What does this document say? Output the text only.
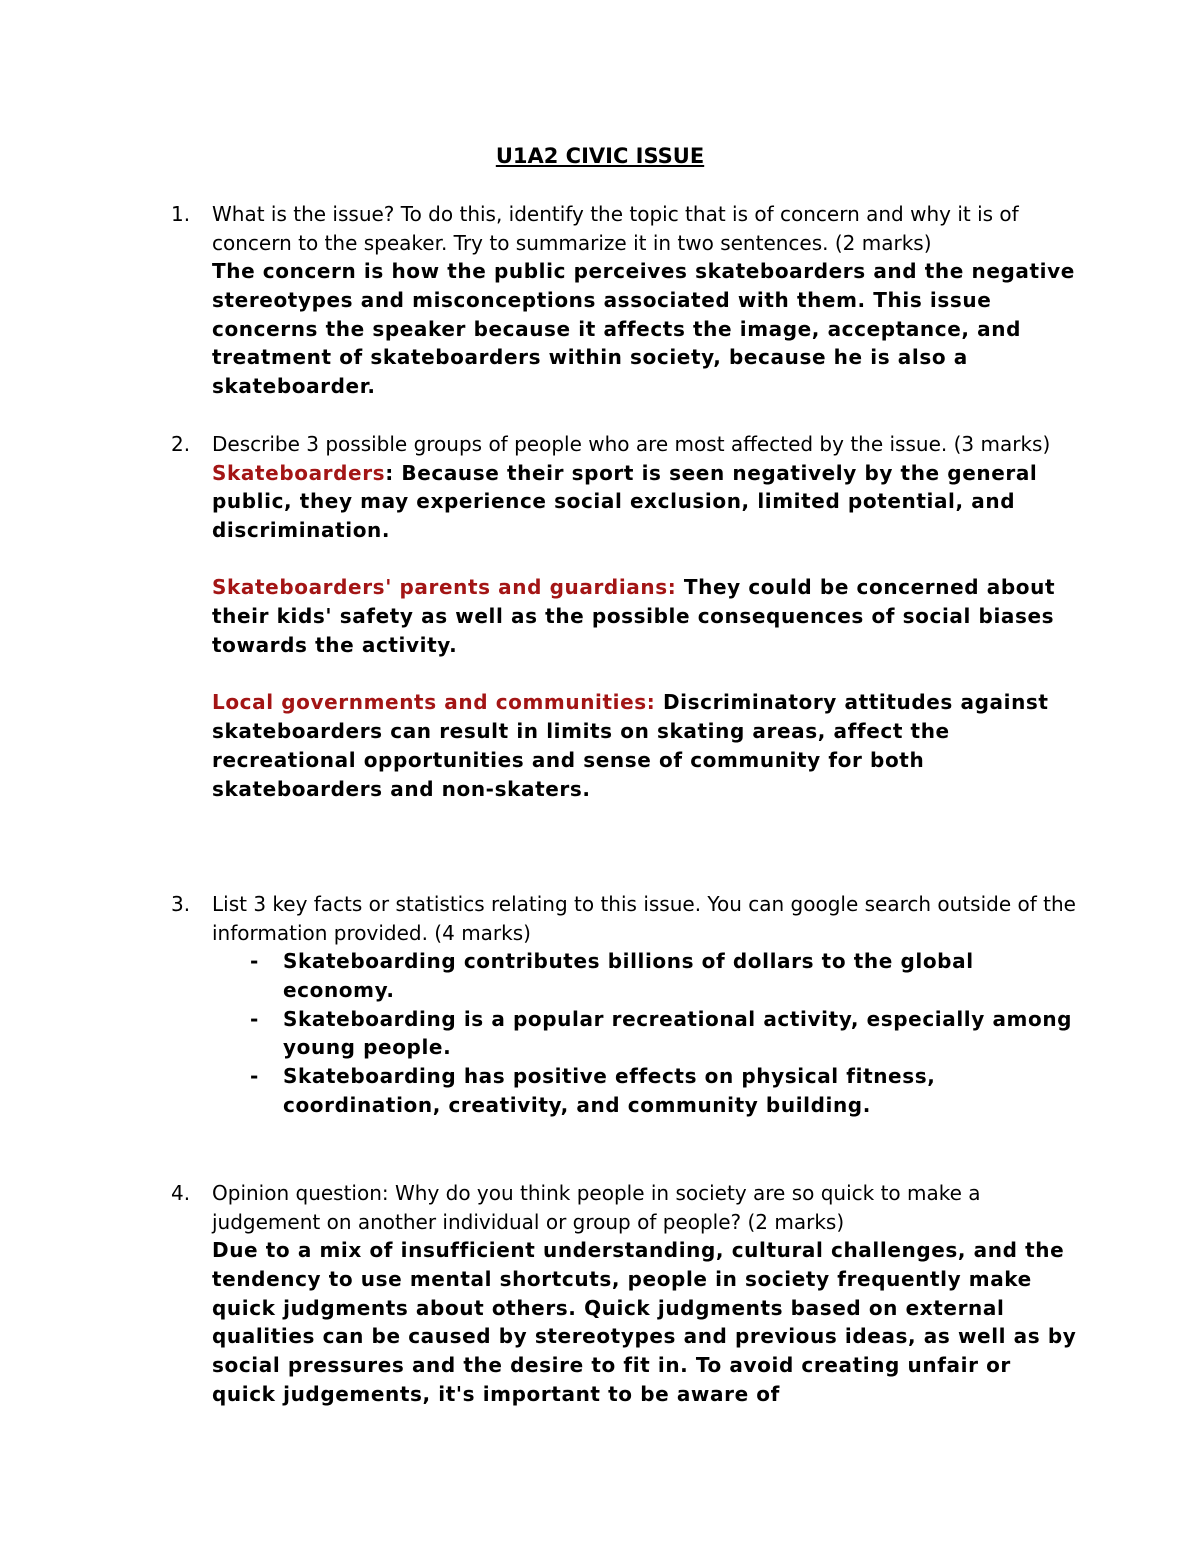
U1A2 CIVIC ISSUE
1.	What is the issue? To do this, identify the topic that is of concern and why it is of concern to the speaker. Try to summarize it in two sentences. (2 marks)

The concern is how the public perceives skateboarders and the negative stereotypes and misconceptions associated with them. This issue concerns the speaker because it affects the image, acceptance, and treatment of skateboarders within society, because he is also a skateboarder.

2.	Describe 3 possible groups of people who are most affected by the issue. (3 marks)

Skateboarders: Because their sport is seen negatively by the general public, they may experience social exclusion, limited potential, and discrimination.

Skateboarders' parents and guardians: They could be concerned about their kids' safety as well as the possible consequences of social biases towards the activity.

Local governments and communities: Discriminatory attitudes against skateboarders can result in limits on skating areas, affect the recreational opportunities and sense of community for both skateboarders and non-skaters.

3.	List 3 key facts or statistics relating to this issue. You can google search outside of the information provided. (4 marks)

- Skateboarding contributes billions of dollars to the global economy.
- Skateboarding is a popular recreational activity, especially among young people.
- Skateboarding has positive effects on physical fitness, coordination, creativity, and community building.
4.	Opinion question: Why do you think people in society are so quick to make a judgement on another individual or group of people? (2 marks)

Due to a mix of insufficient understanding, cultural challenges, and the tendency to use mental shortcuts, people in society frequently make quick judgments about others. Quick judgments based on external qualities can be caused by stereotypes and previous ideas, as well as by social pressures and the desire to fit in. To avoid creating unfair or quick judgements, it's important to be aware of
